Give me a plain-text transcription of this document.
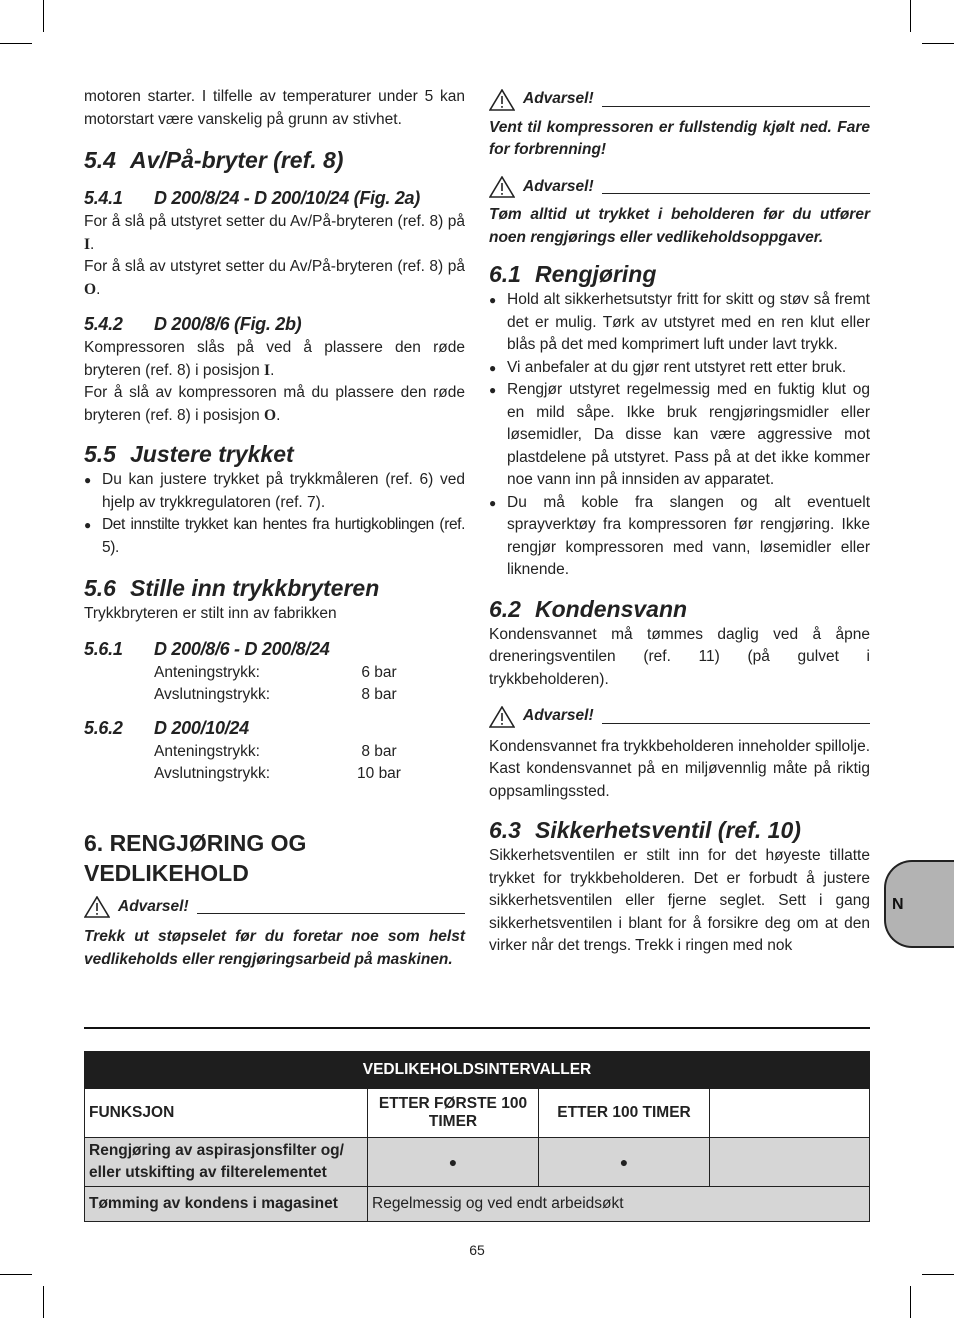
motoren starter. I tilfelle av temperaturer under 5 kan motorstart være vanskelig på grunn av stivhet.

5.4 Av/På-bryter (ref. 8)
5.4.1 D 200/8/24 - D 200/10/24 (Fig. 2a)

For å slå på utstyret setter du Av/På-bryteren (ref. 8) på I.

For å slå av utstyret setter du Av/På-bryteren (ref. 8) på O.

5.4.2 D 200/8/6 (Fig. 2b)

Kompressoren slås på ved å plassere den røde bryteren (ref. 8) i posisjon I.

For å slå av kompressoren må du plassere den røde bryteren (ref. 8) i posisjon O.

5.5 Justere trykket
● Du kan justere trykket på trykkmåleren (ref. 6) ved hjelp av trykkregulatoren (ref. 7).
● Det innstilte trykket kan hentes fra hurtigkoblingen (ref. 5).
5.6 Stille inn trykkbryteren

Trykkbryteren er stilt inn av fabrikken

5.6.1 D 200/8/6 - D 200/8/24
Anteningstrykk:	6 bar
Avslutningstrykk:	8 bar
5.6.2 D 200/10/24
Anteningstrykk:	8 bar
Avslutningstrykk:	10 bar
6. RENGJØRING OG VEDLIKEHOLD
Advarsel!

Trekk ut støpselet før du foretar noe som helst vedlikeholds eller rengjøringsarbeid på maskinen.

Advarsel!

Vent til kompressoren er fullstendig kjølt ned. Fare for forbrenning!

Advarsel!

Tøm alltid ut trykket i beholderen før du utfører noen rengjørings eller vedlikeholdsoppgaver.

6.1 Rengjøring
● Hold alt sikkerhetsutstyr fritt for skitt og støv så fremt det er mulig. Tørk av utstyret med en ren klut eller blås på det med komprimert luft under lavt trykk.
● Vi anbefaler at du gjør rent utstyret rett etter bruk.
● Rengjør utstyret regelmessig med en fuktig klut og en mild såpe. Ikke bruk rengjøringsmidler eller løsemidler, Da disse kan være aggressive mot plastdelene på utstyret. Pass på at det ikke kommer noe vann inn på innsiden av apparatet.
● Du må koble fra slangen og alt eventuelt sprayverktøy fra kompressoren før rengjøring. Ikke rengjør kompressoren med vann, løsemidler eller liknende.
6.2 Kondensvann

Kondensvannet må tømmes daglig ved å åpne dreneringsventilen (ref. 11) (på gulvet i trykkbeholderen).

Advarsel!

Kondensvannet fra trykkbeholderen inneholder spillolje. Kast kondensvannet på en miljøvennlig måte på riktig oppsamlingssted.

6.3 Sikkerhetsventil (ref. 10)

Sikkerhetsventilen er stilt inn for det høyeste tillatte trykket for trykkbeholderen. Det er forbudt å justere sikkerhetsventilen eller fjerne seglet. Sett i gang sikkerhetsventilen i blant for å forsikre deg om at den virker når det trengs. Trekk i ringen med nok

N
VEDLIKEHOLDSINTERVALLER			
FUNKSJON	ETTER FØRSTE 100 TIMER	ETTER 100 TIMER	
Rengjøring av aspirasjonsfilter og/ eller utskifting av filterelementet	●	●	
Tømming av kondens i magasinet	Regelmessig og ved endt arbeidsøkt		
65
